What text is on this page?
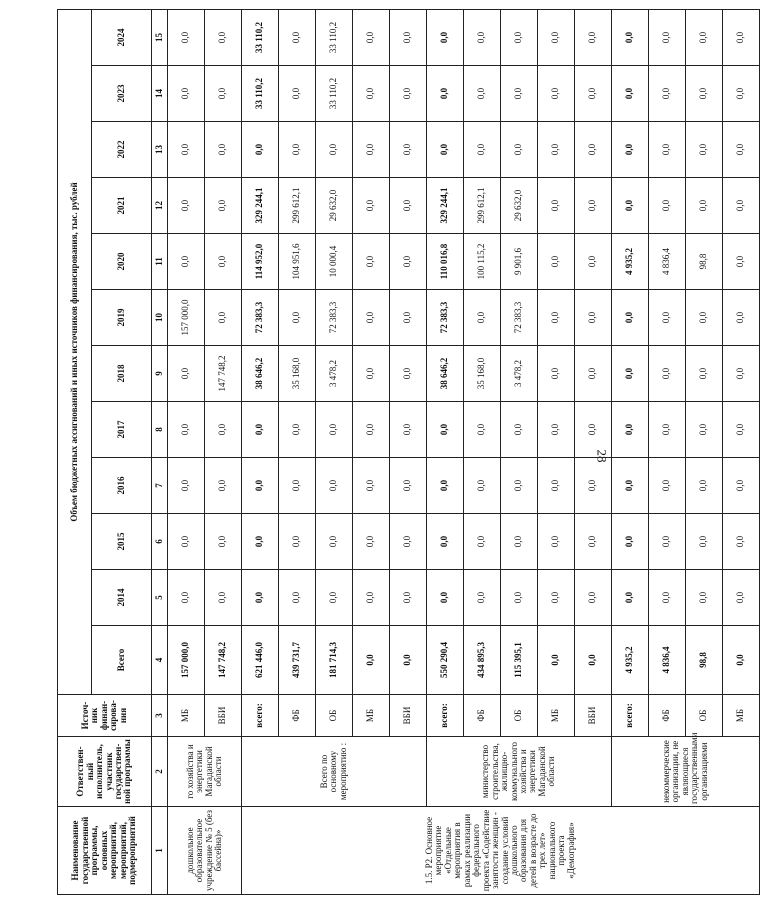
28
Наименование государственной программы, основных мероприятий, мероприятий, подмероприятий	Ответствен-ный исполнитель, участник государствен-ной программы	Источ-ник финан-сирова-ния	Объем бюджетных ассигнований и иных источников финансирования, тыс. рублей											
			Всего	2014	2015	2016	2017	2018	2019	2020	2021	2022	2023	2024
1	2	3	4	5	6	7	8	9	10	11	12	13	14	15
дошкольное образовательное учреждение № 5 (без бассейна)»	го хозяйства и энергетики Магаданской области	МБ	157 000,0	0,0	0,0	0,0	0,0	0,0	157 000,0	0,0	0,0	0,0	0,0	0,0
		ВБИ	147 748,2	0,0	0,0	0,0	0,0	147 748,2	0,0	0,0	0,0	0,0	0,0	0,0
1.5. Р2. Основное мероприятие «Отдельные мероприятия в рамках реализации федерального проекта «Содействие занятости женщин - создание условий дошкольного образования для детей в возрасте до трех лет» национального проекта «Демография»	Всего по основному мероприятию :	всего:	621 446,0	0,0	0,0	0,0	0,0	38 646,2	72 383,3	114 952,0	329 244,1	0,0	33 110,2	33 110,2
		ФБ	439 731,7	0,0	0,0	0,0	0,0	35 168,0	0,0	104 951,6	299 612,1	0,0	0,0	0,0
		ОБ	181 714,3	0,0	0,0	0,0	0,0	3 478,2	72 383,3	10 000,4	29 632,0	0,0	33 110,2	33 110,2
		МБ	0,0	0,0	0,0	0,0	0,0	0,0	0,0	0,0	0,0	0,0	0,0	0,0
		ВБИ	0,0	0,0	0,0	0,0	0,0	0,0	0,0	0,0	0,0	0,0	0,0	0,0
	министерство строительства, жилищно-коммунального хозяйства и энергетики Магаданской области	всего:	550 290,4	0,0	0,0	0,0	0,0	38 646,2	72 383,3	110 016,8	329 244,1	0,0	0,0	0,0
		ФБ	434 895,3	0,0	0,0	0,0	0,0	35 168,0	0,0	100 115,2	299 612,1	0,0	0,0	0,0
		ОБ	115 395,1	0,0	0,0	0,0	0,0	3 478,2	72 383,3	9 901,6	29 632,0	0,0	0,0	0,0
		МБ	0,0	0,0	0,0	0,0	0,0	0,0	0,0	0,0	0,0	0,0	0,0	0,0
		ВБИ	0,0	0,0	0,0	0,0	0,0	0,0	0,0	0,0	0,0	0,0	0,0	0,0
	некоммерческие организации, не являющиеся государственными организациями	всего:	4 935,2	0,0	0,0	0,0	0,0	0,0	0,0	4 935,2	0,0	0,0	0,0	0,0
		ФБ	4 836,4	0,0	0,0	0,0	0,0	0,0	0,0	4 836,4	0,0	0,0	0,0	0,0
		ОБ	98,8	0,0	0,0	0,0	0,0	0,0	0,0	98,8	0,0	0,0	0,0	0,0
		МБ	0,0	0,0	0,0	0,0	0,0	0,0	0,0	0,0	0,0	0,0	0,0	0,0
